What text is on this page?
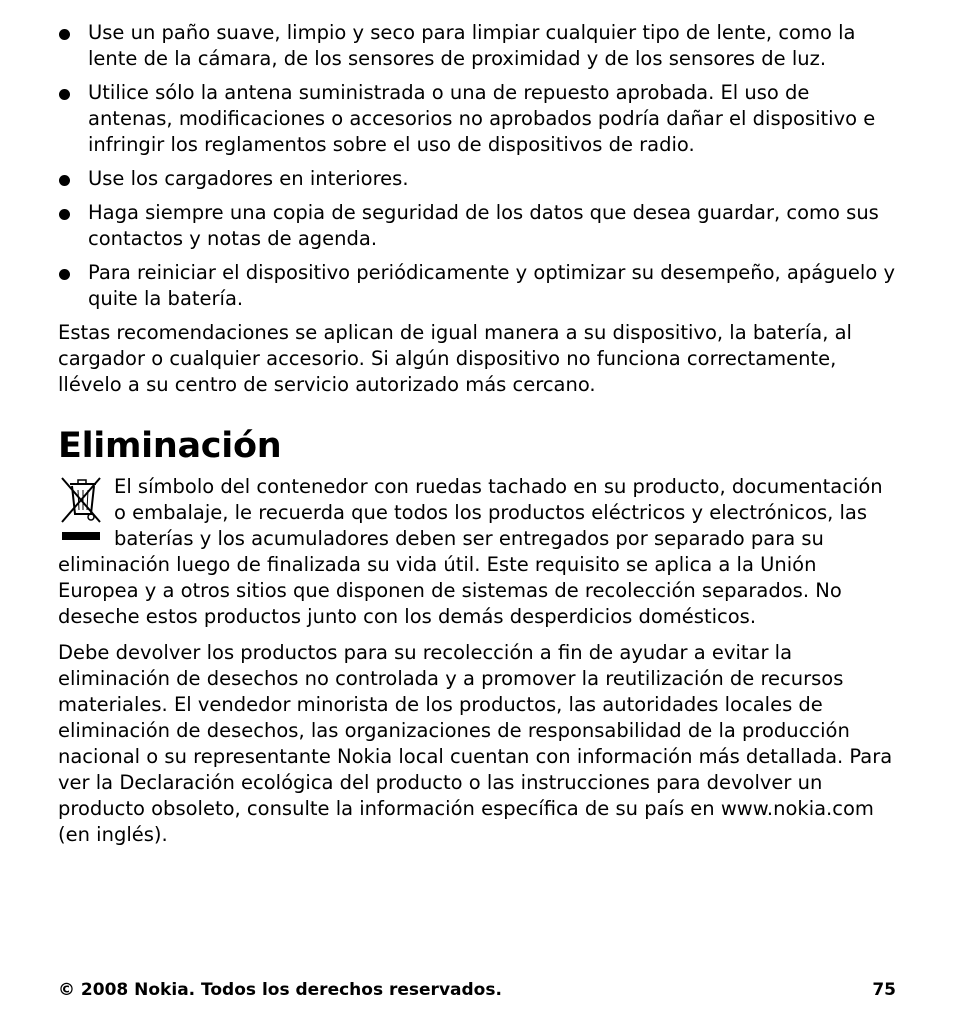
Use un paño suave, limpio y seco para limpiar cualquier tipo de lente, como la lente de la cámara, de los sensores de proximidad y de los sensores de luz.
Utilice sólo la antena suministrada o una de repuesto aprobada. El uso de antenas, modificaciones o accesorios no aprobados podría dañar el dispositivo e infringir los reglamentos sobre el uso de dispositivos de radio.
Use los cargadores en interiores.
Haga siempre una copia de seguridad de los datos que desea guardar, como sus contactos y notas de agenda.
Para reiniciar el dispositivo periódicamente y optimizar su desempeño, apáguelo y quite la batería.

Estas recomendaciones se aplican de igual manera a su dispositivo, la batería, al cargador o cualquier accesorio. Si algún dispositivo no funciona correctamente, llévelo a su centro de servicio autorizado más cercano.

Eliminación
El símbolo del contenedor con ruedas tachado en su producto, documentación o embalaje, le recuerda que todos los productos eléctricos y electrónicos, las baterías y los acumuladores deben ser entregados por separado para su eliminación luego de finalizada su vida útil. Este requisito se aplica a la Unión Europea y a otros sitios que disponen de sistemas de recolección separados. No deseche estos productos junto con los demás desperdicios domésticos.

Debe devolver los productos para su recolección a fin de ayudar a evitar la eliminación de desechos no controlada y a promover la reutilización de recursos materiales. El vendedor minorista de los productos, las autoridades locales de eliminación de desechos, las organizaciones de responsabilidad de la producción nacional o su representante Nokia local cuentan con información más detallada. Para ver la Declaración ecológica del producto o las instrucciones para devolver un producto obsoleto, consulte la información específica de su país en www.nokia.com (en inglés).

© 2008 Nokia. Todos los derechos reservados.	75
